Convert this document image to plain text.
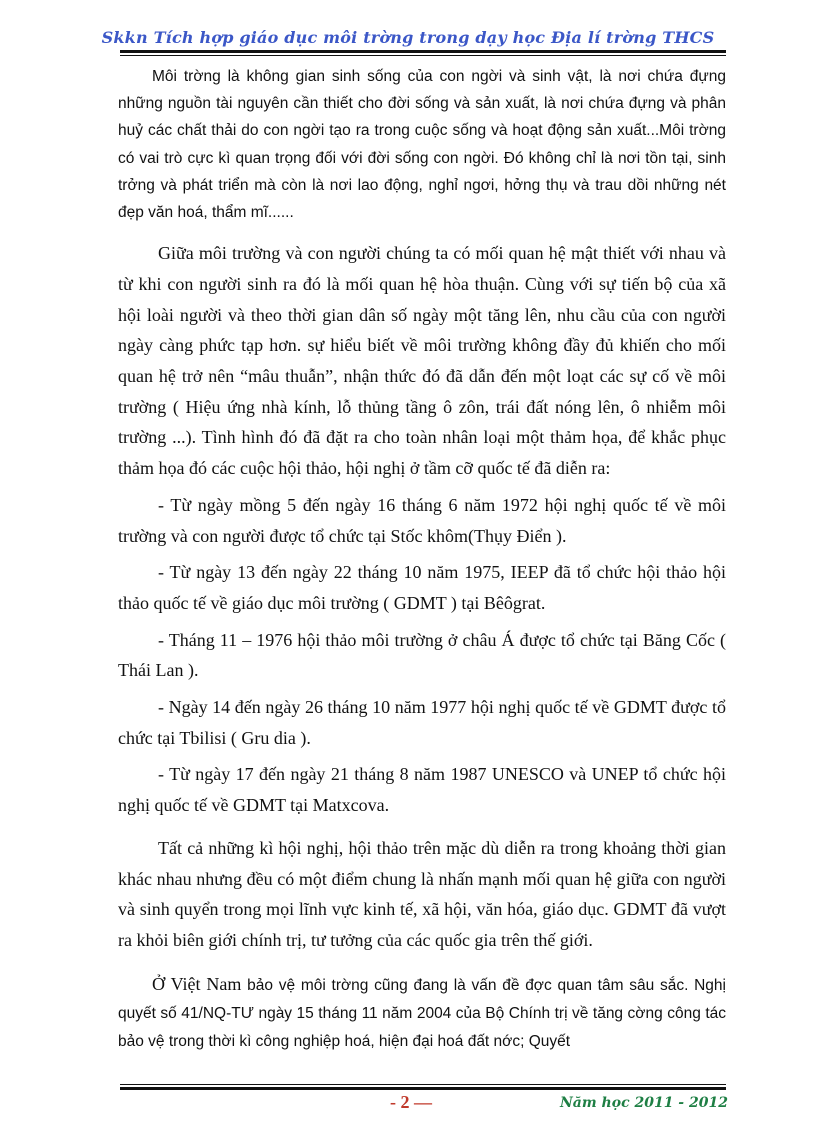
Skkn Tích hợp giáo dục môi trờng trong dạy học Địa lí trờng THCS

Môi trờng là không gian sinh sống của con ngời và sinh vật, là nơi chứa đựng những nguồn tài nguyên cần thiết cho đời sống và sản xuất, là nơi chứa đựng và phân huỷ các chất thải do con ngời tạo ra trong cuộc sống và hoạt động sản xuất...Môi trờng có vai trò cực kì quan trọng đối với đời sống con ngời. Đó không chỉ là nơi tồn tại, sinh trởng và phát triển mà còn là nơi lao động, nghỉ ngơi, hởng thụ và trau dồi những nét đẹp văn hoá, thẩm mĩ......

Giữa môi trường và con người chúng ta có mối quan hệ mật thiết với nhau và từ khi con người sinh ra đó là mối quan hệ hòa thuận. Cùng với sự tiến bộ của xã hội loài người và theo thời gian dân số ngày một tăng lên, nhu cầu của con người ngày càng phức tạp hơn. sự hiểu biết về môi trường không đầy đủ khiến cho mối quan hệ trở nên “mâu thuẫn”, nhận thức đó đã dẫn đến một loạt các sự cố về môi trường ( Hiệu ứng nhà kính, lỗ thủng tầng ô zôn, trái đất nóng lên, ô nhiễm môi trường ...). Tình hình đó đã đặt ra cho toàn nhân loại một thảm họa, để khắc phục thảm họa đó các cuộc hội thảo, hội nghị ở tầm cỡ quốc tế đã diễn ra:

- Từ ngày mồng 5 đến ngày 16 tháng 6 năm 1972 hội nghị quốc tế về môi trường và con người được tổ chức tại Stốc khôm(Thụy Điển ).

- Từ ngày 13 đến ngày 22 tháng 10 năm 1975, IEEP đã tổ chức hội thảo hội thảo quốc tế về giáo dục môi trường ( GDMT ) tại Bêôgrat.

- Tháng 11 – 1976 hội thảo môi trường ở châu Á được tổ chức tại Băng Cốc ( Thái Lan ).

- Ngày 14 đến ngày 26 tháng 10 năm 1977 hội nghị quốc tế về GDMT được tổ chức tại Tbilisi ( Gru dia ).

- Từ ngày 17 đến ngày 21 tháng 8 năm 1987 UNESCO và UNEP tổ chức hội nghị quốc tế về GDMT tại Matxcova.

Tất cả những kì hội nghị, hội thảo trên mặc dù diễn ra trong khoảng thời gian khác nhau nhưng đều có một điểm chung là nhấn mạnh mối quan hệ giữa con người và sinh quyển trong mọi lĩnh vực kinh tế, xã hội, văn hóa, giáo dục. GDMT đã vượt ra khỏi biên giới chính trị, tư tưởng của các quốc gia trên thế giới.

Ở Việt Nam bảo vệ môi trờng cũng đang là vấn đề đợc quan tâm sâu sắc. Nghị quyết số 41/NQ-TƯ ngày 15 tháng 11 năm 2004 của Bộ Chính trị về tăng cờng công tác bảo vệ trong thời kì công nghiệp hoá, hiện đại hoá đất nớc; Quyết

- 2 —	Năm học 2011 - 2012
